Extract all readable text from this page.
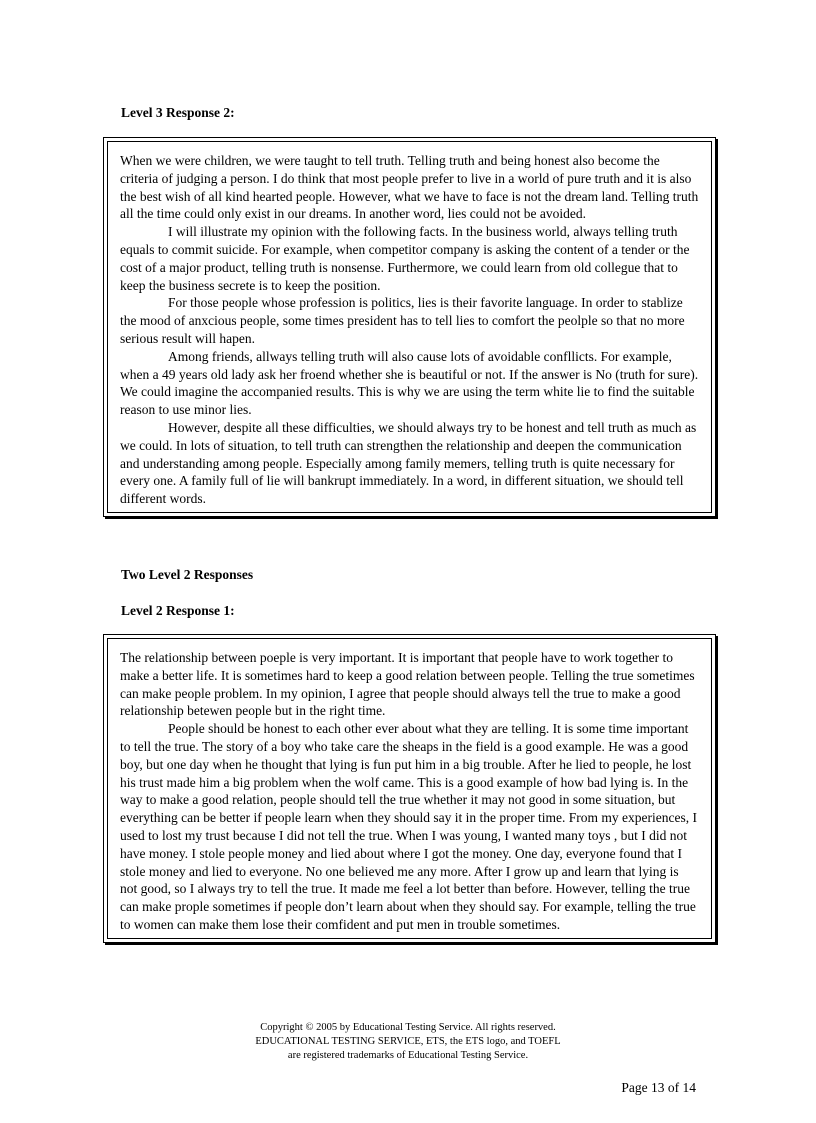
Level 3 Response 2:

When we were children, we were taught to tell truth. Telling truth and being honest also become the criteria of judging a person. I do think that most people prefer to live in a world of pure truth and it is also the best wish of all kind hearted people. However, what we have to face is not the dream land. Telling truth all the time could only exist in our dreams. In another word, lies could not be avoided.

I will illustrate my opinion with the following facts. In the business world, always telling truth equals to commit suicide. For example, when competitor company is asking the content of a tender or the cost of a major product, telling truth is nonsense. Furthermore, we could learn from old collegue that to keep the business secrete is to keep the position.

For those people whose profession is politics, lies is their favorite language. In order to stablize the mood of anxcious people, some times president has to tell lies to comfort the peolple so that no more serious result will hapen.

Among friends, allways telling truth will also cause lots of avoidable confllicts. For example, when a 49 years old lady ask her froend whether she is beautiful or not. If the answer is No (truth for sure). We could imagine the accompanied results. This is why we are using the term white lie to find the suitable reason to use minor lies.

However, despite all these difficulties, we should always try to be honest and tell truth as much as we could. In lots of situation, to tell truth can strengthen the relationship and deepen the communication and understanding among people. Especially among family memers, telling truth is quite necessary for every one. A family full of lie will bankrupt immediately. In a word, in different situation, we should tell different words.

Two Level 2 Responses
Level 2 Response 1:

The relationship between poeple is very important. It is important that people have to work together to make a better life. It is sometimes hard to keep a good relation between people. Telling the true sometimes can make people problem. In my opinion, I agree that people should always tell the true to make a good relationship betewen people but in the right time.

People should be honest to each other ever about what they are telling. It is some time important to tell the true. The story of a boy who take care the sheaps in the field is a good example. He was a good boy, but one day when he thought that lying is fun put him in a big trouble. After he lied to people, he lost his trust made him a big problem when the wolf came. This is a good example of how bad lying is. In the way to make a good relation, people should tell the true whether it may not good in some situation, but everything can be better if people learn when they should say it in the proper time. From my experiences, I used to lost my trust because I did not tell the true. When I was young, I wanted many toys , but I did not have money. I stole people money and lied about where I got the money. One day, everyone found that I stole money and lied to everyone. No one believed me any more. After I grow up and learn that lying is not good, so I always try to tell the true. It made me feel a lot better than before. However, telling the true can make prople sometimes if people don’t learn about when they should say. For example, telling the true to women can make them lose their comfident and put men in trouble sometimes.

Copyright © 2005 by Educational Testing Service. All rights reserved.
EDUCATIONAL TESTING SERVICE, ETS, the ETS logo, and TOEFL
are registered trademarks of Educational Testing Service.
Page 13 of 14
